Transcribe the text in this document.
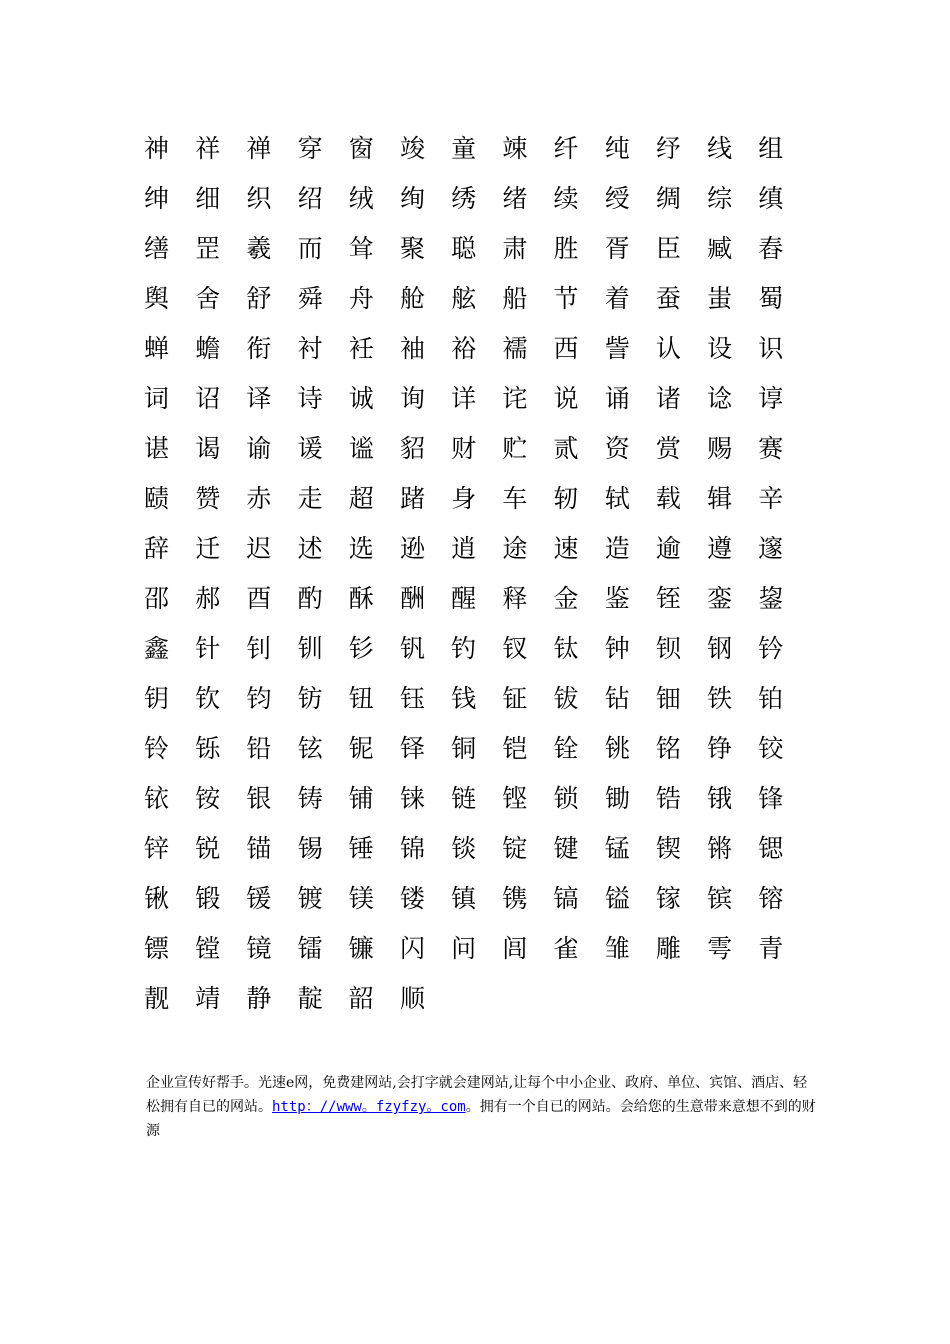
神	祥	禅	穿	窗	竣	童	竦	纤	纯	纾	线	组
绅	细	织	绍	绒	绚	绣	绪	续	绶	绸	综	缜
缮	罡	羲	而	耸	聚	聪	肃	胜	胥	臣	臧	舂
舆	舍	舒	舜	舟	舱	舷	船	节	着	蚕	蚩	蜀
蝉	蟾	衔	衬	衽	袖	裕	襦	西	訾	认	设	识
词	诏	译	诗	诚	询	详	诧	说	诵	诸	谂	谆
谌	谒	谕	谖	谧	貂	财	贮	贰	资	赏	赐	赛
赜	赞	赤	走	超	踷	身	车	轫	轼	载	辑	辛
辞	迁	迟	述	选	逊	逍	途	速	造	逾	遵	邃
邵	郝	酉	酌	酥	酬	醒	释	金	鉴	铚	銮	鋆
鑫	针	钊	钏	钐	钒	钓	钗	钛	钟	钡	钢	钤
钥	钦	钧	钫	钮	钰	钱	钲	钹	钻	钿	铁	铂
铃	铄	铅	铉	铌	铎	铜	铠	铨	铫	铭	铮	铰
铱	铵	银	铸	铺	铼	链	铿	锁	锄	锆	锇	锋
锌	锐	锚	锡	锤	锦	锬	锭	键	锰	锲	锵	锶
锹	锻	锾	镀	镁	镂	镇	镌	镐	镒	镓	镔	镕
镖	镗	镜	镭	镰	闪	问	闾	雀	雏	雕	雩	青
靓	靖	静	靛	韶	顺
企业宣传好帮手。光速e网，免费建网站,会打字就会建网站,让每个中小企业、政府、单位、宾馆、酒店、轻松拥有自已的网站。http：//www。fzyfzy。com。拥有一个自已的网站。会给您的生意带来意想不到的财源
